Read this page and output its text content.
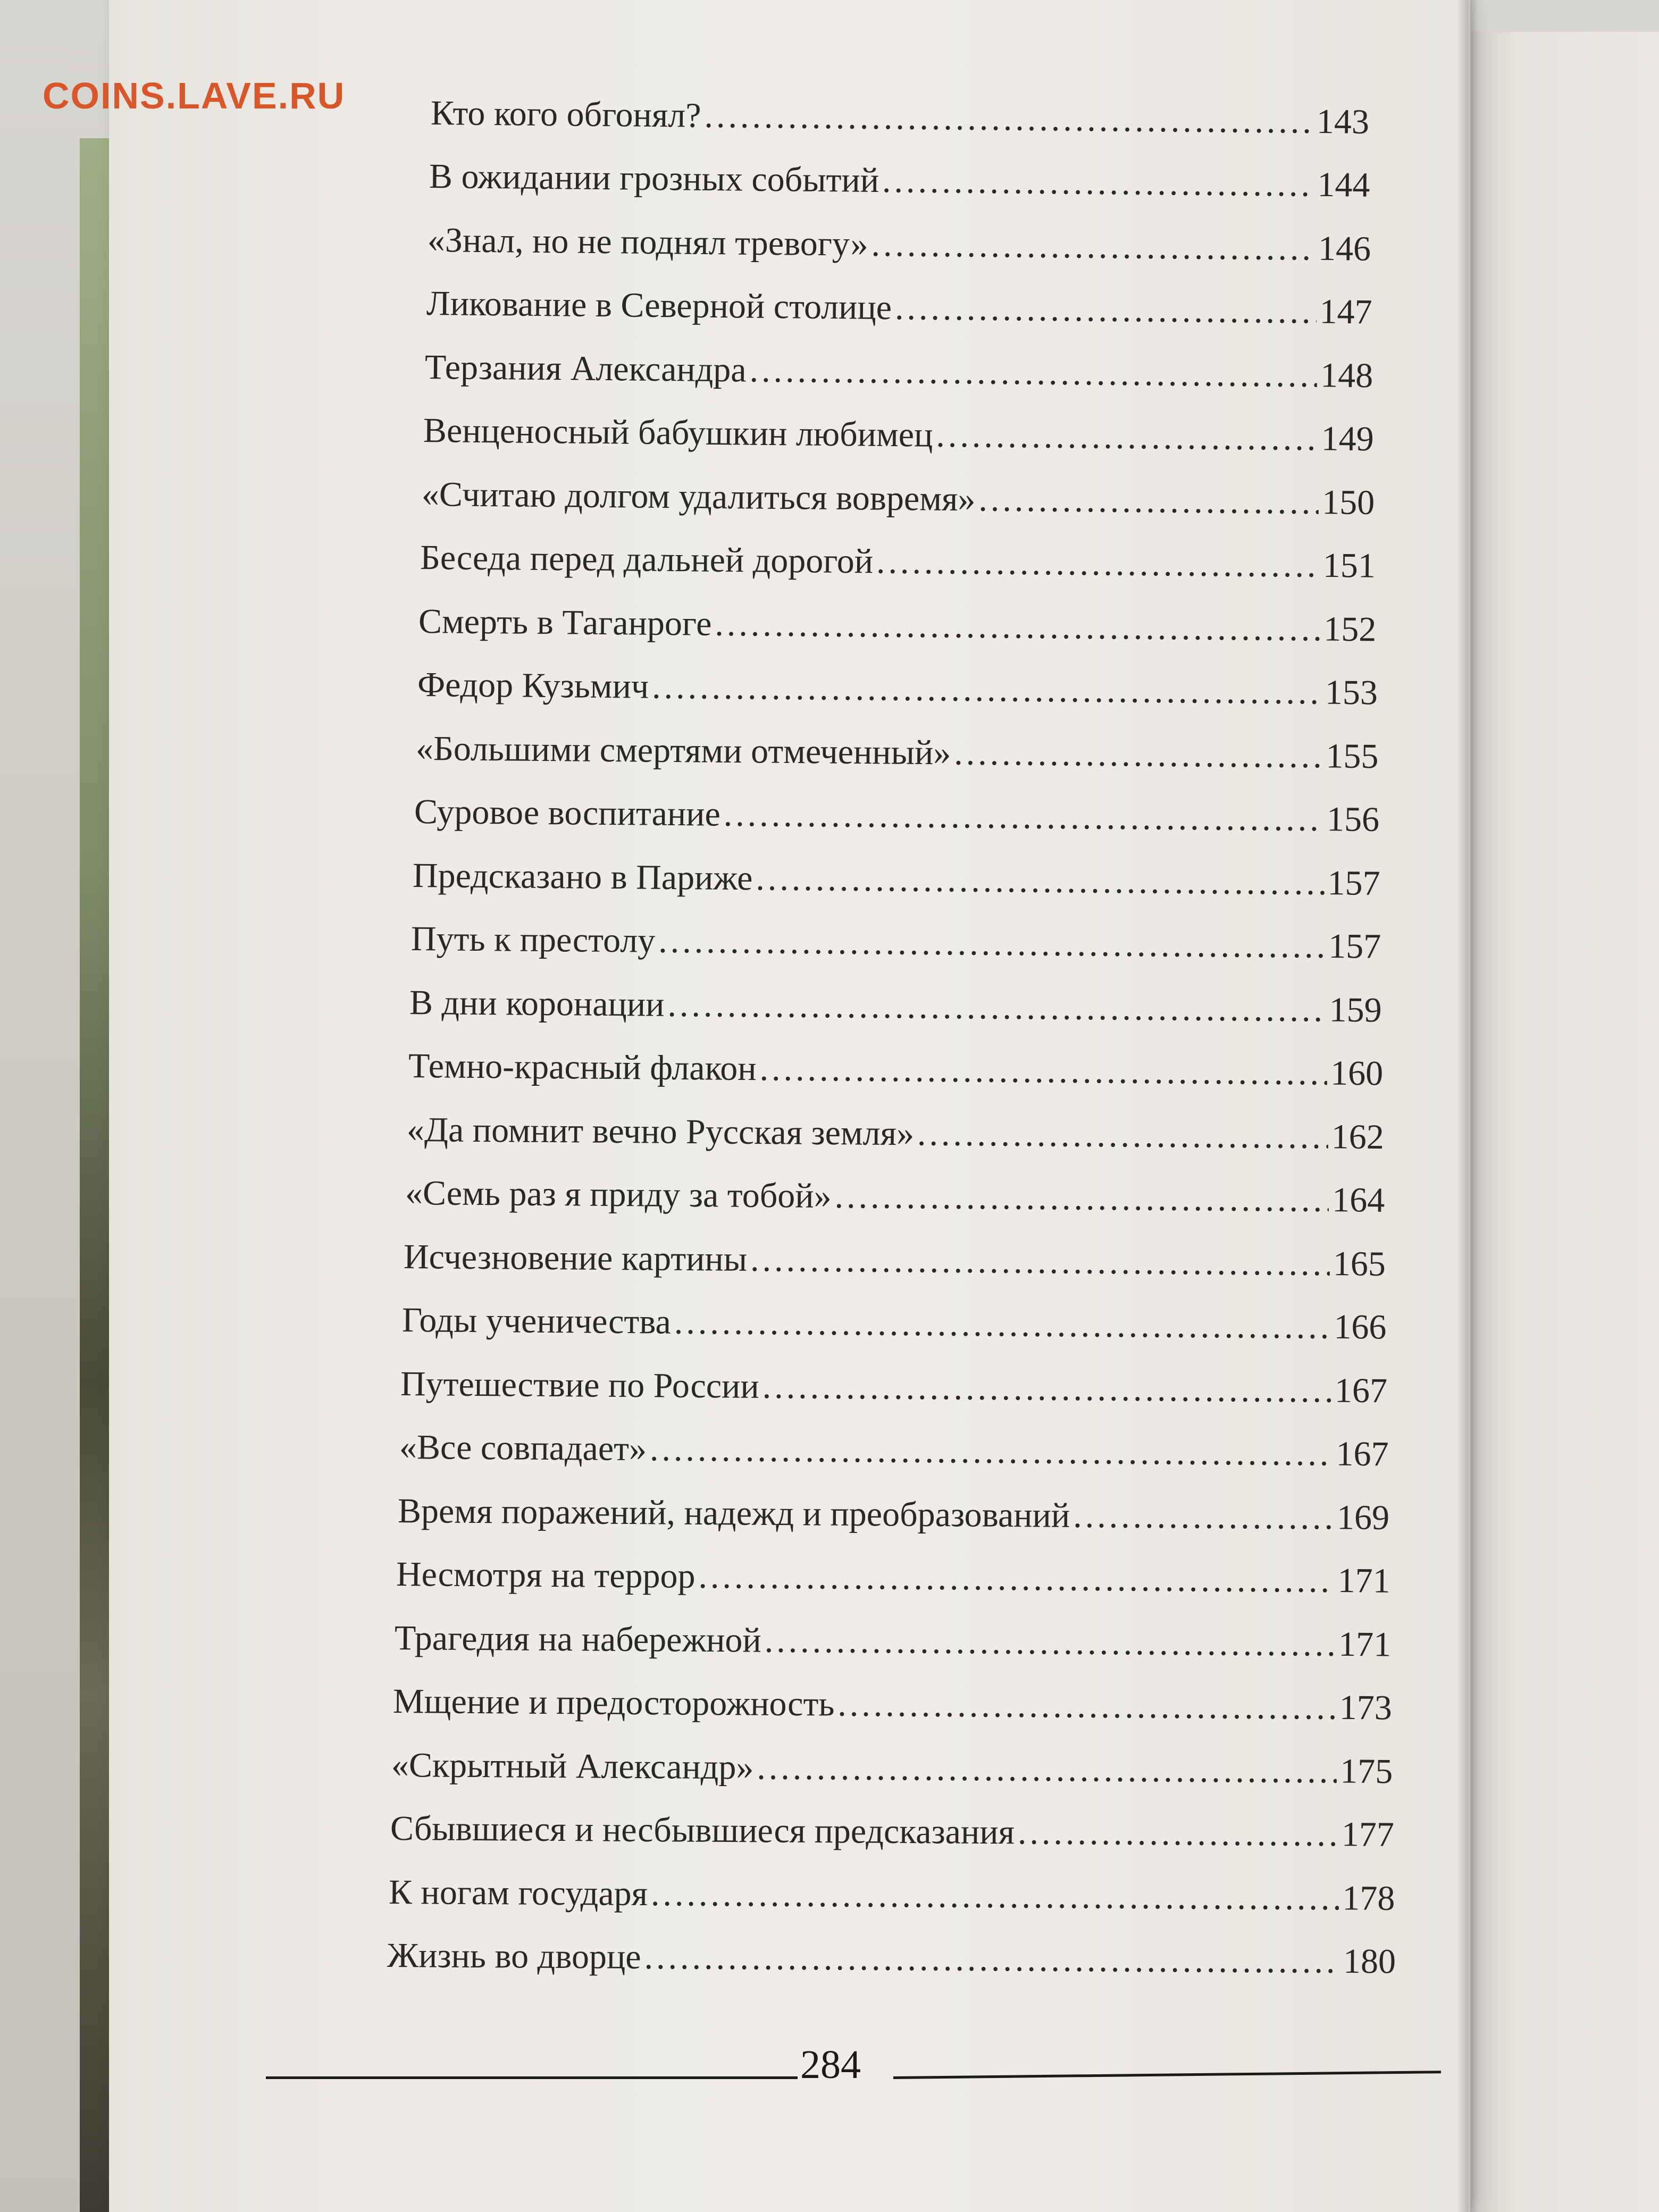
COINS.LAVE.RU Кто кого обгонял? .....	143
В ожидании грозных событий .....	144
«Знал, но не поднял тревогу» .....	146
Ликование в Северной столице .....	147
Терзания Александра .....	148
Венценосный бабушкин любимец .....	149
«Считаю долгом удалиться вовремя» .....	150
Беседа перед дальней дорогой .....	151
Смерть в Таганроге .....	152
Федор Кузьмич .....	153
«Большими смертями отмеченный» .....	155
Суровое воспитание .....	156
Предсказано в Париже .....	157
Путь к престолу .....	157
В дни коронации .....	159
Темно-красный флакон .....	160
«Да помнит вечно Русская земля» .....	162
«Семь раз я приду за тобой» .....	164
Исчезновение картины .....	165
Годы ученичества .....	166
Путешествие по России .....	167
«Все совпадает» .....	167
Время поражений, надежд и преобразований .....	169
Несмотря на террор .....	171
Трагедия на набережной .....	171
Мщение и предосторожность .....	173
«Скрытный Александр» .....	175
Сбывшиеся и несбывшиеся предсказания .....	177
К ногам государя .....	178
Жизнь во дворце .....	180
284
